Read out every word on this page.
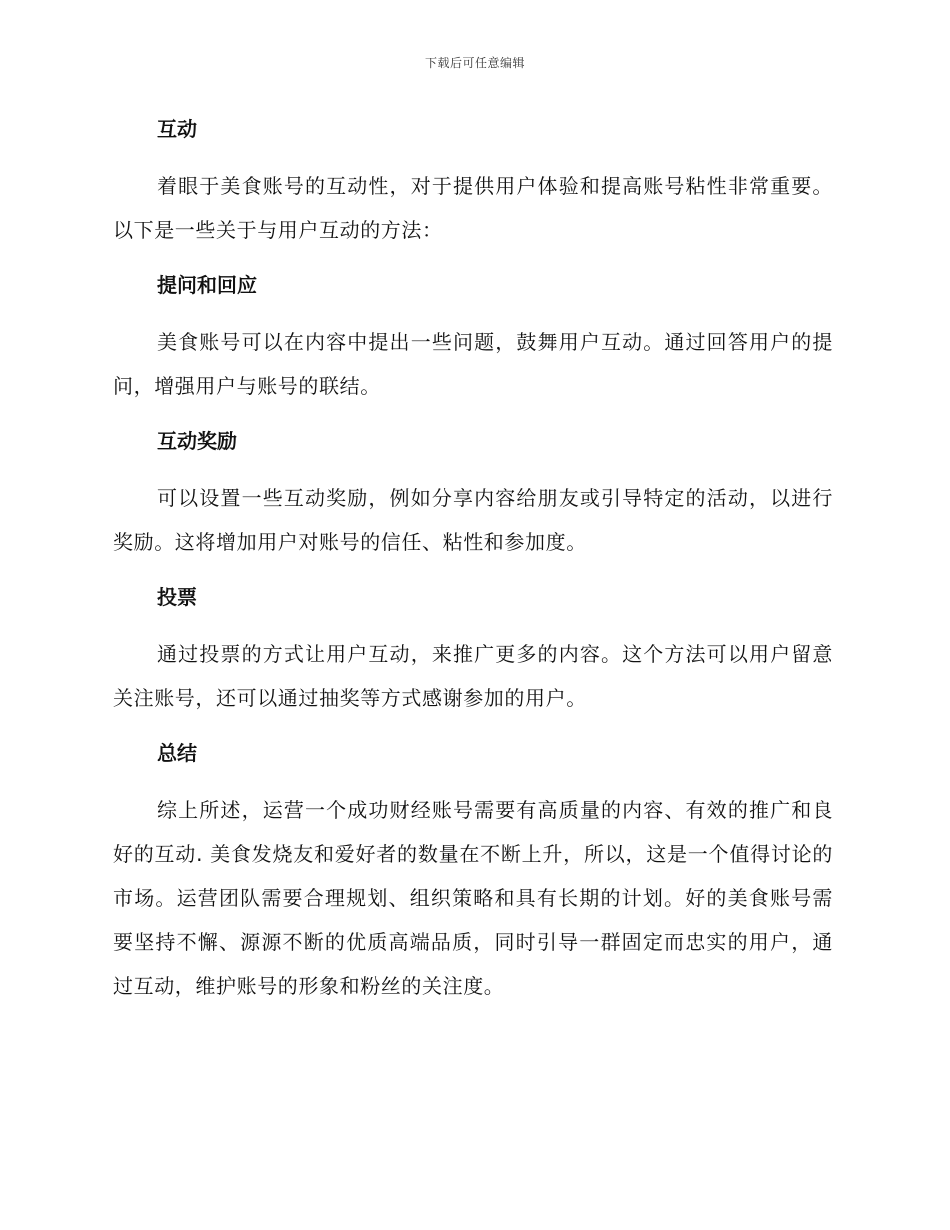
下载后可任意编辑
互动

着眼于美食账号的互动性，对于提供用户体验和提高账号粘性非常重要。以下是一些关于与用户互动的方法：

提问和回应

美食账号可以在内容中提出一些问题，鼓舞用户互动。通过回答用户的提问，增强用户与账号的联结。

互动奖励

可以设置一些互动奖励，例如分享内容给朋友或引导特定的活动，以进行奖励。这将增加用户对账号的信任、粘性和参加度。

投票

通过投票的方式让用户互动，来推广更多的内容。这个方法可以用户留意关注账号，还可以通过抽奖等方式感谢参加的用户。

总结

综上所述，运营一个成功财经账号需要有高质量的内容、有效的推广和良好的互动. 美食发烧友和爱好者的数量在不断上升，所以，这是一个值得讨论的市场。运营团队需要合理规划、组织策略和具有长期的计划。好的美食账号需要坚持不懈、源源不断的优质高端品质，同时引导一群固定而忠实的用户，通过互动，维护账号的形象和粉丝的关注度。
